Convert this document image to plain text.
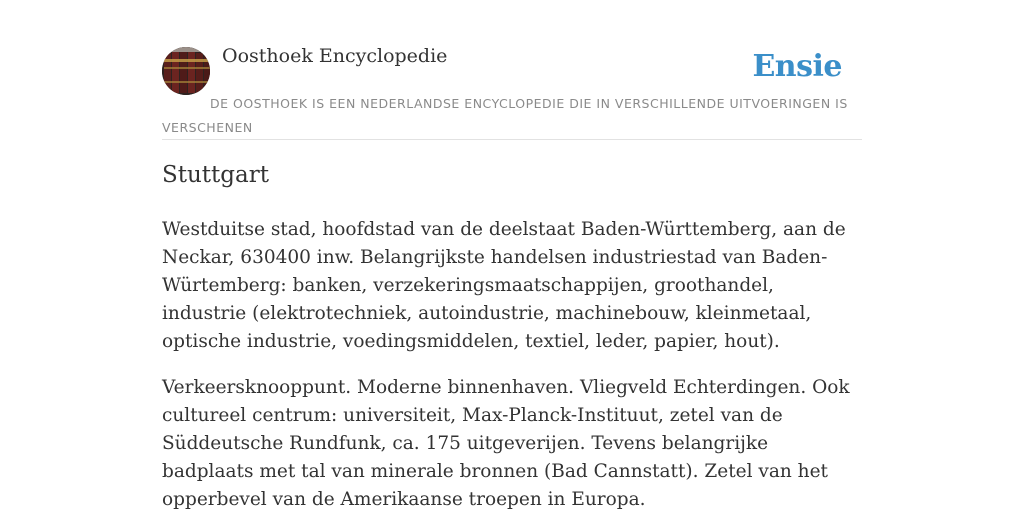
Oosthoek Encyclopedie	Ensie
DE OOSTHOEK IS EEN NEDERLANDSE ENCYCLOPEDIE DIE IN VERSCHILLENDE UITVOERINGEN IS VERSCHENEN
Stuttgart

Westduitse stad, hoofdstad van de deelstaat Baden-Württemberg, aan de Neckar, 630400 inw. Belangrijkste handelsen industriestad van Baden-Würtemberg: banken, verzekeringsmaatschappijen, groothandel, industrie (elektrotechniek, autoindustrie, machinebouw, kleinmetaal, optische industrie, voedingsmiddelen, textiel, leder, papier, hout).

Verkeersknooppunt. Moderne binnenhaven. Vliegveld Echterdingen. Ook cultureel centrum: universiteit, Max-Planck-Instituut, zetel van de Süddeutsche Rundfunk, ca. 175 uitgeverijen. Tevens belangrijke badplaats met tal van minerale bronnen (Bad Cannstatt). Zetel van het opperbevel van de Amerikaanse troepen in Europa.
